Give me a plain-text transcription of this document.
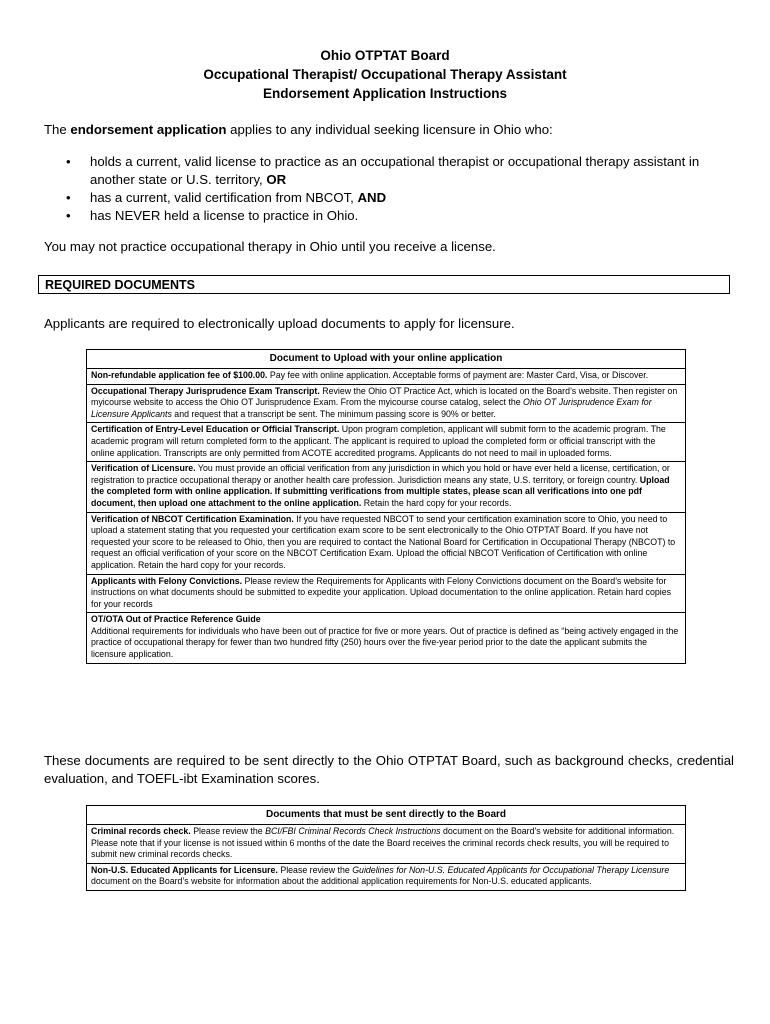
Ohio OTPTAT Board
Occupational Therapist/ Occupational Therapy Assistant
Endorsement Application Instructions
The endorsement application applies to any individual seeking licensure in Ohio who:
• holds a current, valid license to practice as an occupational therapist or occupational therapy assistant in another state or U.S. territory, OR
• has a current, valid certification from NBCOT, AND
• has NEVER held a license to practice in Ohio.
You may not practice occupational therapy in Ohio until you receive a license.
REQUIRED DOCUMENTS
Applicants are required to electronically upload documents to apply for licensure.
Document to Upload with your online application
Non-refundable application fee of $100.00. Pay fee with online application. Acceptable forms of payment are: Master Card, Visa, or Discover.
Occupational Therapy Jurisprudence Exam Transcript. Review the Ohio OT Practice Act, which is located on the Board’s website. Then register on myicourse website to access the Ohio OT Jurisprudence Exam. From the myicourse course catalog, select the Ohio OT Jurisprudence Exam for Licensure Applicants and request that a transcript be sent. The minimum passing score is 90% or better.
Certification of Entry-Level Education or Official Transcript. Upon program completion, applicant will submit form to the academic program. The academic program will return completed form to the applicant. The applicant is required to upload the completed form or official transcript with the online application. Transcripts are only permitted from ACOTE accredited programs. Applicants do not need to mail in uploaded forms.
Verification of Licensure. You must provide an official verification from any jurisdiction in which you hold or have ever held a license, certification, or registration to practice occupational therapy or another health care profession. Jurisdiction means any state, U.S. territory, or foreign country. Upload the completed form with online application. If submitting verifications from multiple states, please scan all verifications into one pdf document, then upload one attachment to the online application. Retain the hard copy for your records.
Verification of NBCOT Certification Examination. If you have requested NBCOT to send your certification examination score to Ohio, you need to upload a statement stating that you requested your certification exam score to be sent electronically to the Ohio OTPTAT Board. If you have not requested your score to be released to Ohio, then you are required to contact the National Board for Certification in Occupational Therapy (NBCOT) to request an official verification of your score on the NBCOT Certification Exam. Upload the official NBCOT Verification of Certification with online application. Retain the hard copy for your records.
Applicants with Felony Convictions. Please review the Requirements for Applicants with Felony Convictions document on the Board’s website for instructions on what documents should be submitted to expedite your application. Upload documentation to the online application. Retain hard copies for your records

OT/OTA Out of Practice Reference Guide
Additional requirements for individuals who have been out of practice for five or more years. Out of practice is defined as “being actively engaged in the practice of occupational therapy for fewer than two hundred fifty (250) hours over the five-year period prior to the date the applicant submits the licensure application.
These documents are required to be sent directly to the Ohio OTPTAT Board, such as background checks, credential evaluation, and TOEFL-ibt Examination scores.
Documents that must be sent directly to the Board
Criminal records check. Please review the BCI/FBI Criminal Records Check Instructions document on the Board’s website for additional information. Please note that if your license is not issued within 6 months of the date the Board receives the criminal records check results, you will be required to submit new criminal records checks.
Non-U.S. Educated Applicants for Licensure. Please review the Guidelines for Non-U.S. Educated Applicants for Occupational Therapy Licensure document on the Board’s website for information about the additional application requirements for Non-U.S. educated applicants.
